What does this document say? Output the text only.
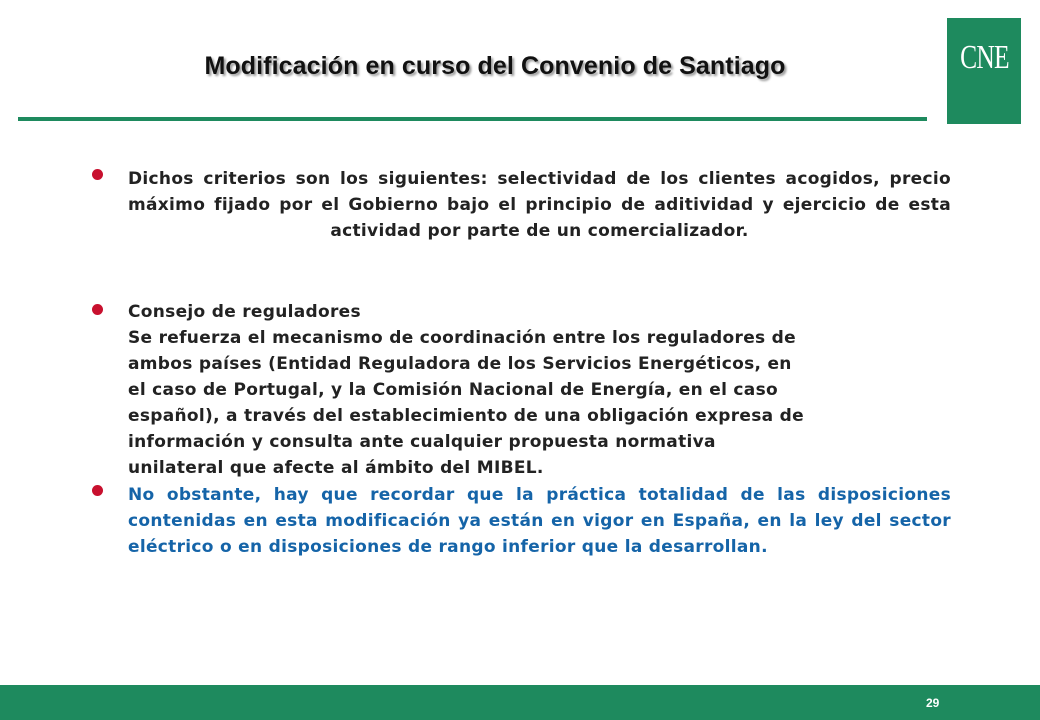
Modificación en curso del Convenio de Santiago	CNE

Dichos criterios son los siguientes: selectividad de los clientes acogidos, precio máximo fijado por el Gobierno bajo el principio de aditividad y ejercicio de esta actividad por parte de un comercializador.

Consejo de reguladores
Se refuerza el mecanismo de coordinación entre los reguladores de
ambos países (Entidad Reguladora de los Servicios Energéticos, en
el caso de Portugal, y la Comisión Nacional de Energía, en el caso
español), a través del establecimiento de una obligación expresa de
información y consulta ante cualquier propuesta normativa
unilateral que afecte al ámbito del MIBEL.

No obstante, hay que recordar que la práctica totalidad de las disposiciones contenidas en esta modificación ya están en vigor en España, en la ley del sector eléctrico o en disposiciones de rango inferior que la desarrollan.

29
